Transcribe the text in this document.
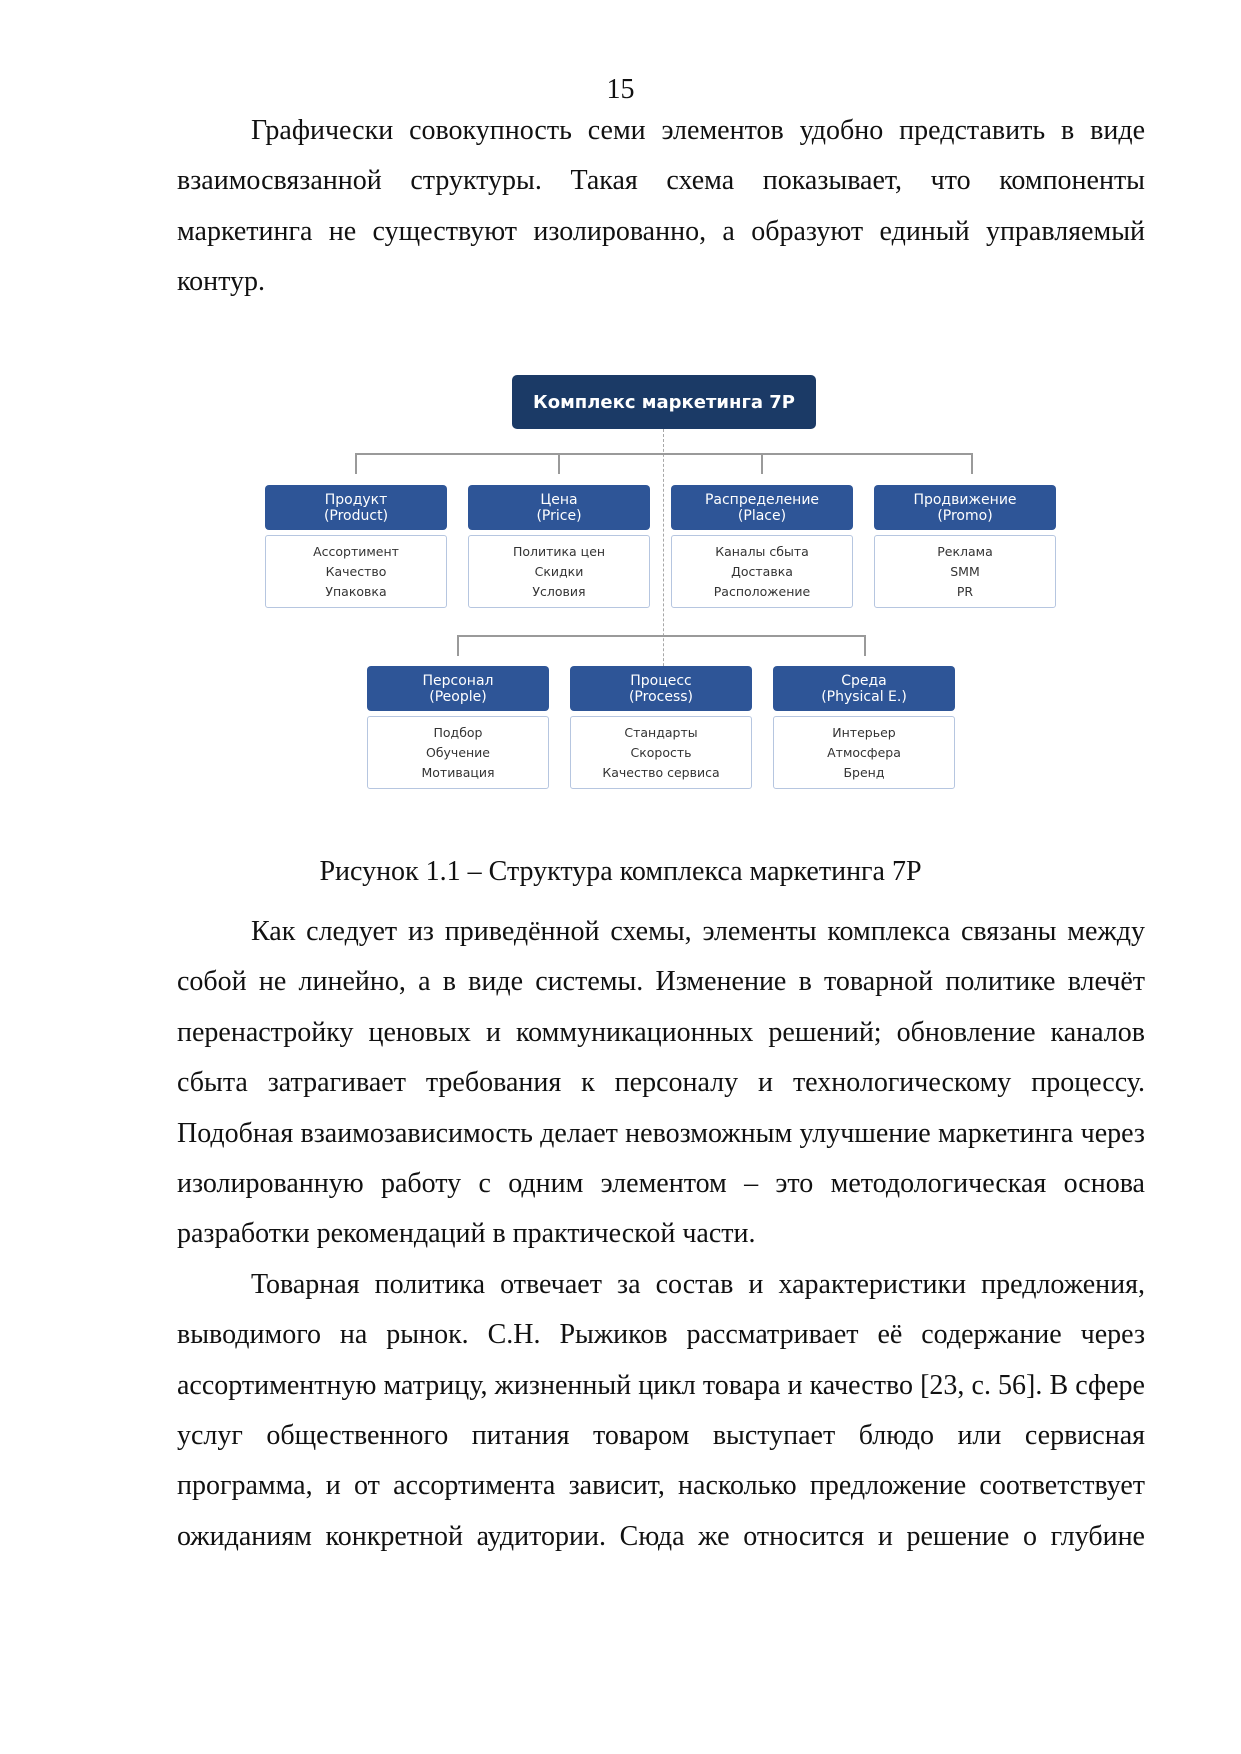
15

Графически совокупность семи элементов удобно представить в виде взаимосвязанной структуры. Такая схема показывает, что компоненты маркетинга не существуют изолированно, а образуют единый управляемый контур.

Комплекс маркетинга 7P
Продукт
(Product)
Ассортимент
Качество
Упаковка
Цена
(Price)
Политика цен
Скидки
Условия
Распределение
(Place)
Каналы сбыта
Доставка
Расположение
Продвижение
(Promo)
Реклама
SMM
PR
Персонал
(People)
Подбор
Обучение
Мотивация
Процесс
(Process)
Стандарты
Скорость
Качество сервиса
Среда
(Physical E.)
Интерьер
Атмосфера
Бренд
Рисунок 1.1 – Структура комплекса маркетинга 7P

Как следует из приведённой схемы, элементы комплекса связаны между собой не линейно, а в виде системы. Изменение в товарной политике влечёт перенастройку ценовых и коммуникационных решений; обновление каналов сбыта затрагивает требования к персоналу и технологическому процессу. Подобная взаимозависимость делает невозможным улучшение маркетинга через изолированную работу с одним элементом – это методологическая основа разработки рекомендаций в практической части.

Товарная политика отвечает за состав и характеристики предложения, выводимого на рынок. С.Н. Рыжиков рассматривает её содержание через ассортиментную матрицу, жизненный цикл товара и качество [23, с. 56]. В сфере услуг общественного питания товаром выступает блюдо или сервисная программа, и от ассортимента зависит, насколько предложение соответствует ожиданиям конкретной аудитории. Сюда же относится и решение о глубине
